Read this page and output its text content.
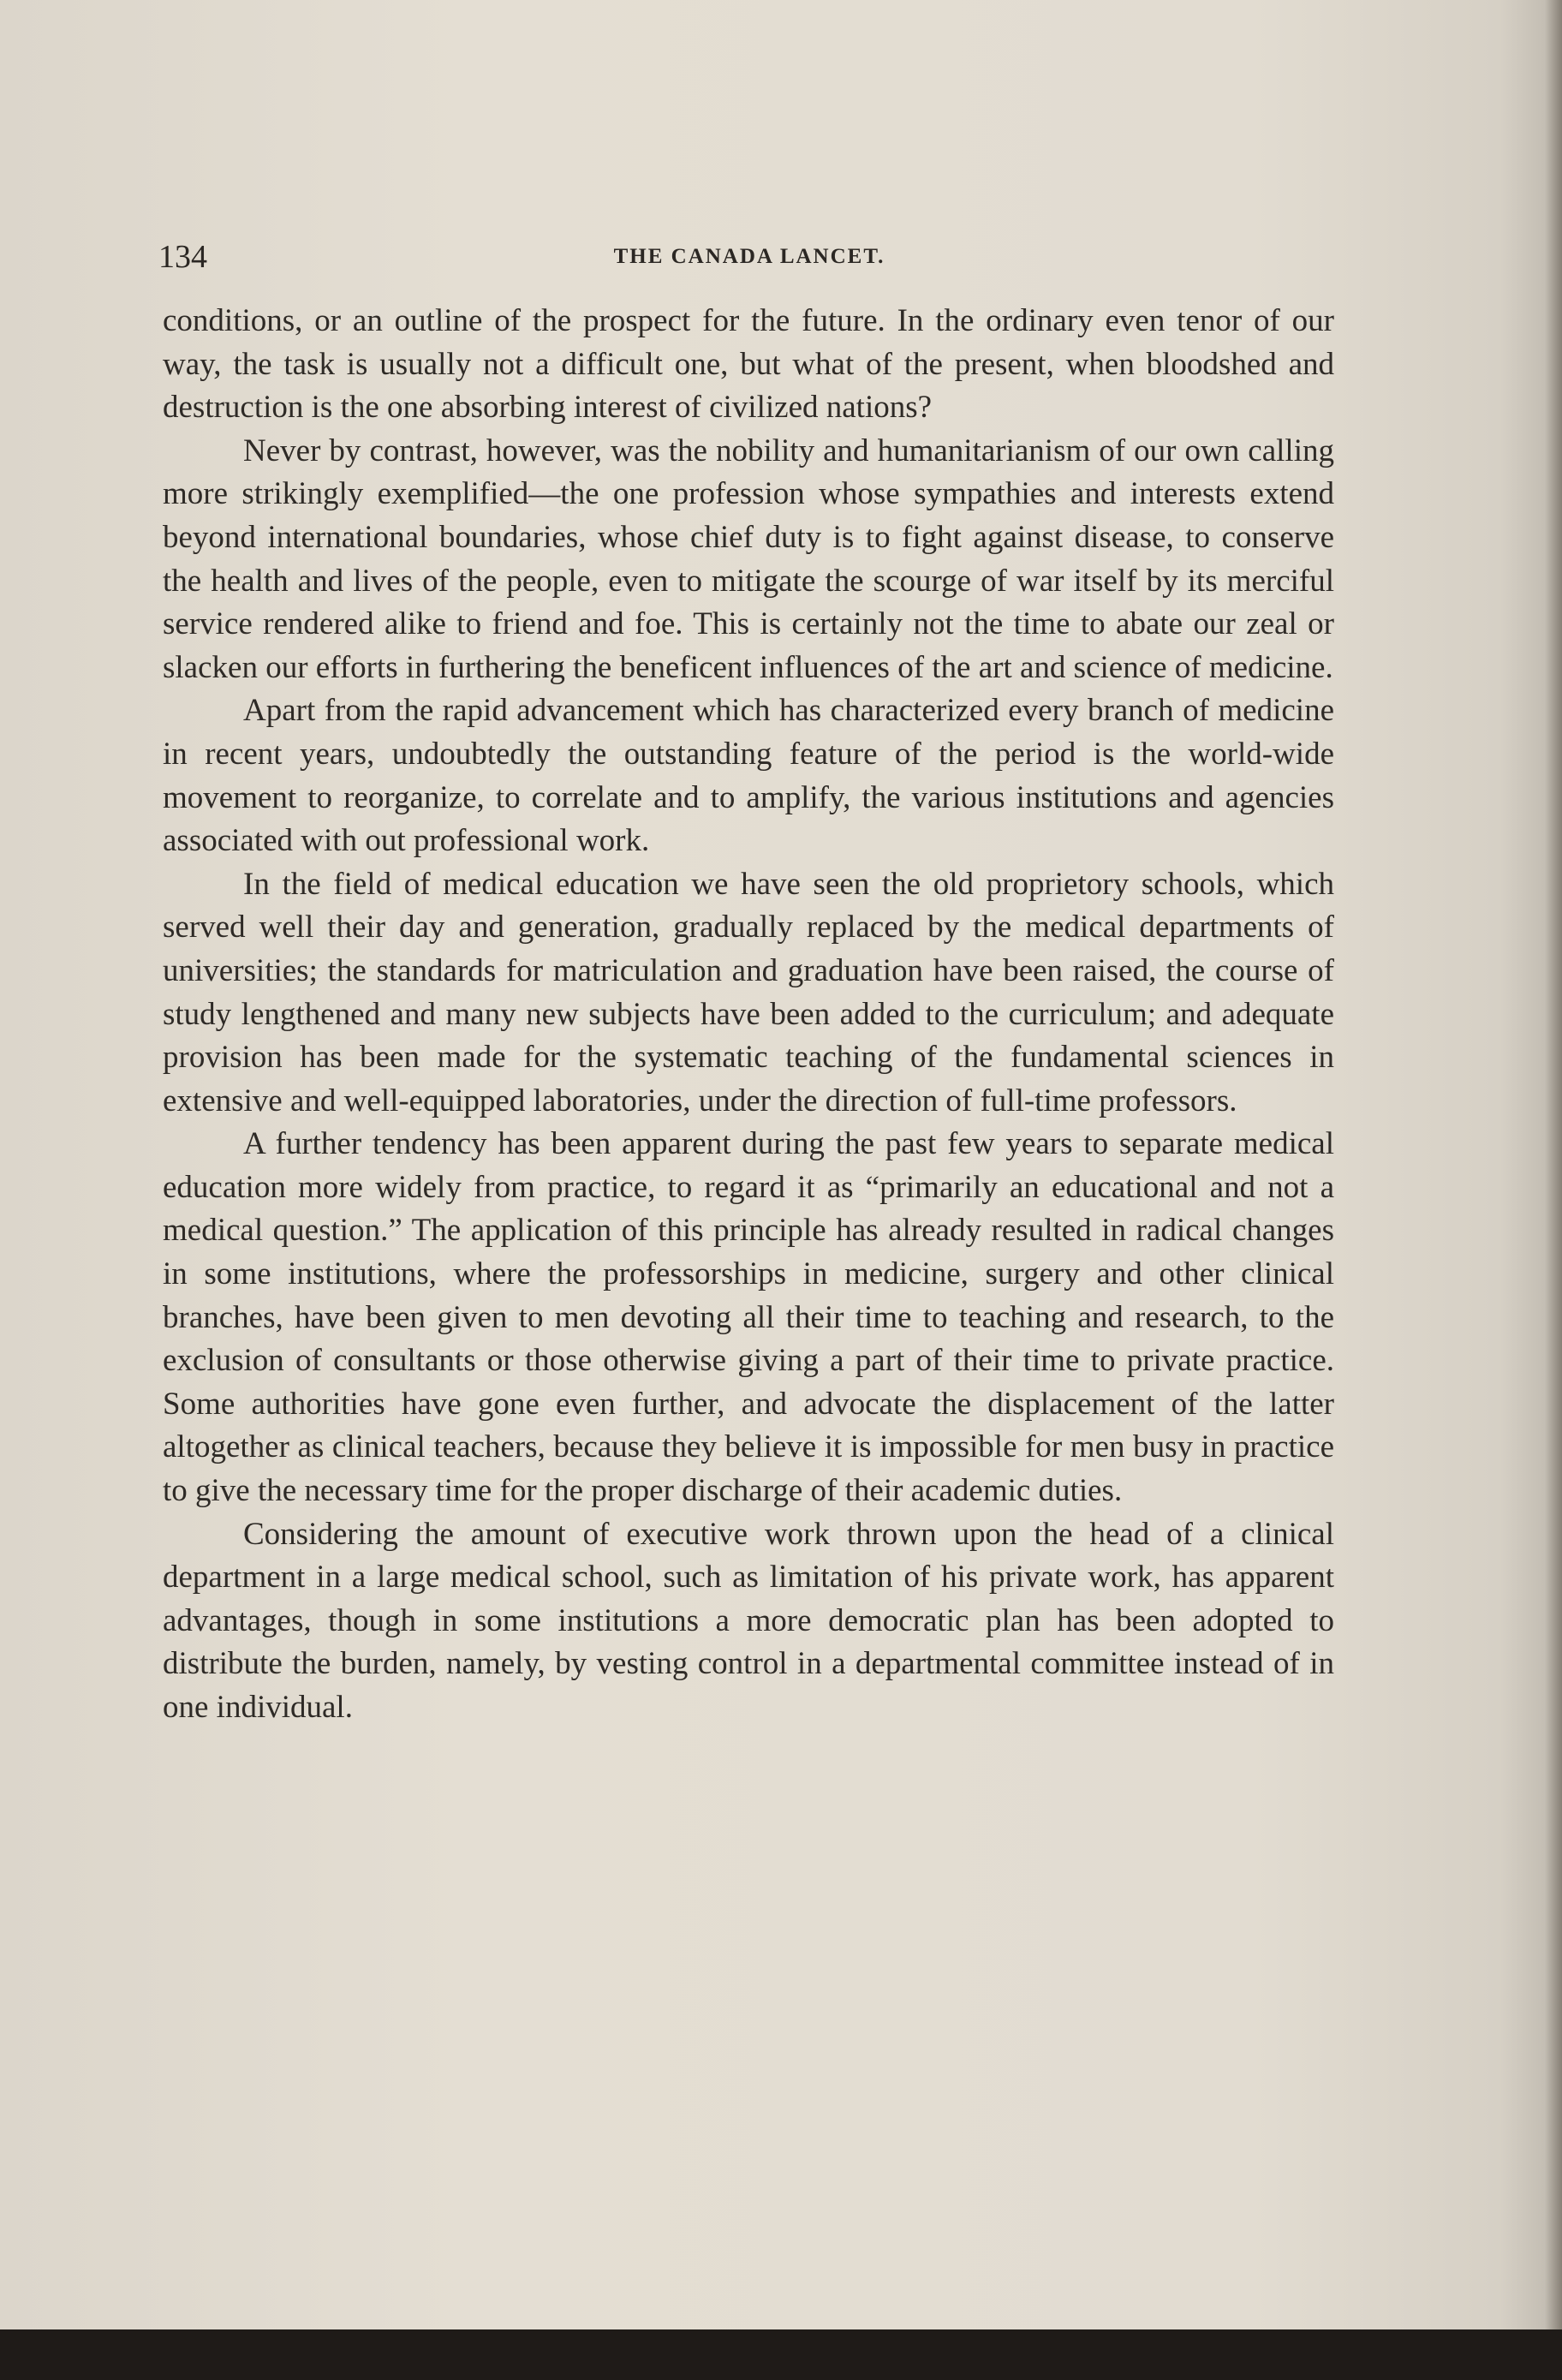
134	THE CANADA LANCET.

conditions, or an outline of the prospect for the future. In the ordinary even tenor of our way, the task is usually not a difficult one, but what of the present, when bloodshed and destruction is the one absorbing interest of civilized nations?

Never by contrast, however, was the nobility and humanitarianism of our own calling more strikingly exemplified—the one profession whose sympathies and interests extend beyond international boundaries, whose chief duty is to fight against disease, to conserve the health and lives of the people, even to mitigate the scourge of war itself by its merciful service rendered alike to friend and foe. This is certainly not the time to abate our zeal or slacken our efforts in furthering the beneficent influences of the art and science of medicine.

Apart from the rapid advancement which has characterized every branch of medicine in recent years, undoubtedly the outstanding feature of the period is the world-wide movement to reorganize, to correlate and to amplify, the various institutions and agencies associated with out professional work.

In the field of medical education we have seen the old proprietory schools, which served well their day and generation, gradually replaced by the medical departments of universities; the standards for matriculation and graduation have been raised, the course of study lengthened and many new subjects have been added to the curriculum; and adequate provision has been made for the systematic teaching of the fundamental sciences in extensive and well-equipped laboratories, under the direction of full-time professors.

A further tendency has been apparent during the past few years to separate medical education more widely from practice, to regard it as “primarily an educational and not a medical question.” The application of this principle has already resulted in radical changes in some institutions, where the professorships in medicine, surgery and other clinical branches, have been given to men devoting all their time to teaching and research, to the exclusion of consultants or those otherwise giving a part of their time to private practice. Some authorities have gone even further, and advocate the displacement of the latter altogether as clinical teachers, because they believe it is impossible for men busy in practice to give the necessary time for the proper discharge of their academic duties.

Considering the amount of executive work thrown upon the head of a clinical department in a large medical school, such as limitation of his private work, has apparent advantages, though in some institutions a more democratic plan has been adopted to distribute the burden, namely, by vesting control in a departmental committee instead of in one individual.
